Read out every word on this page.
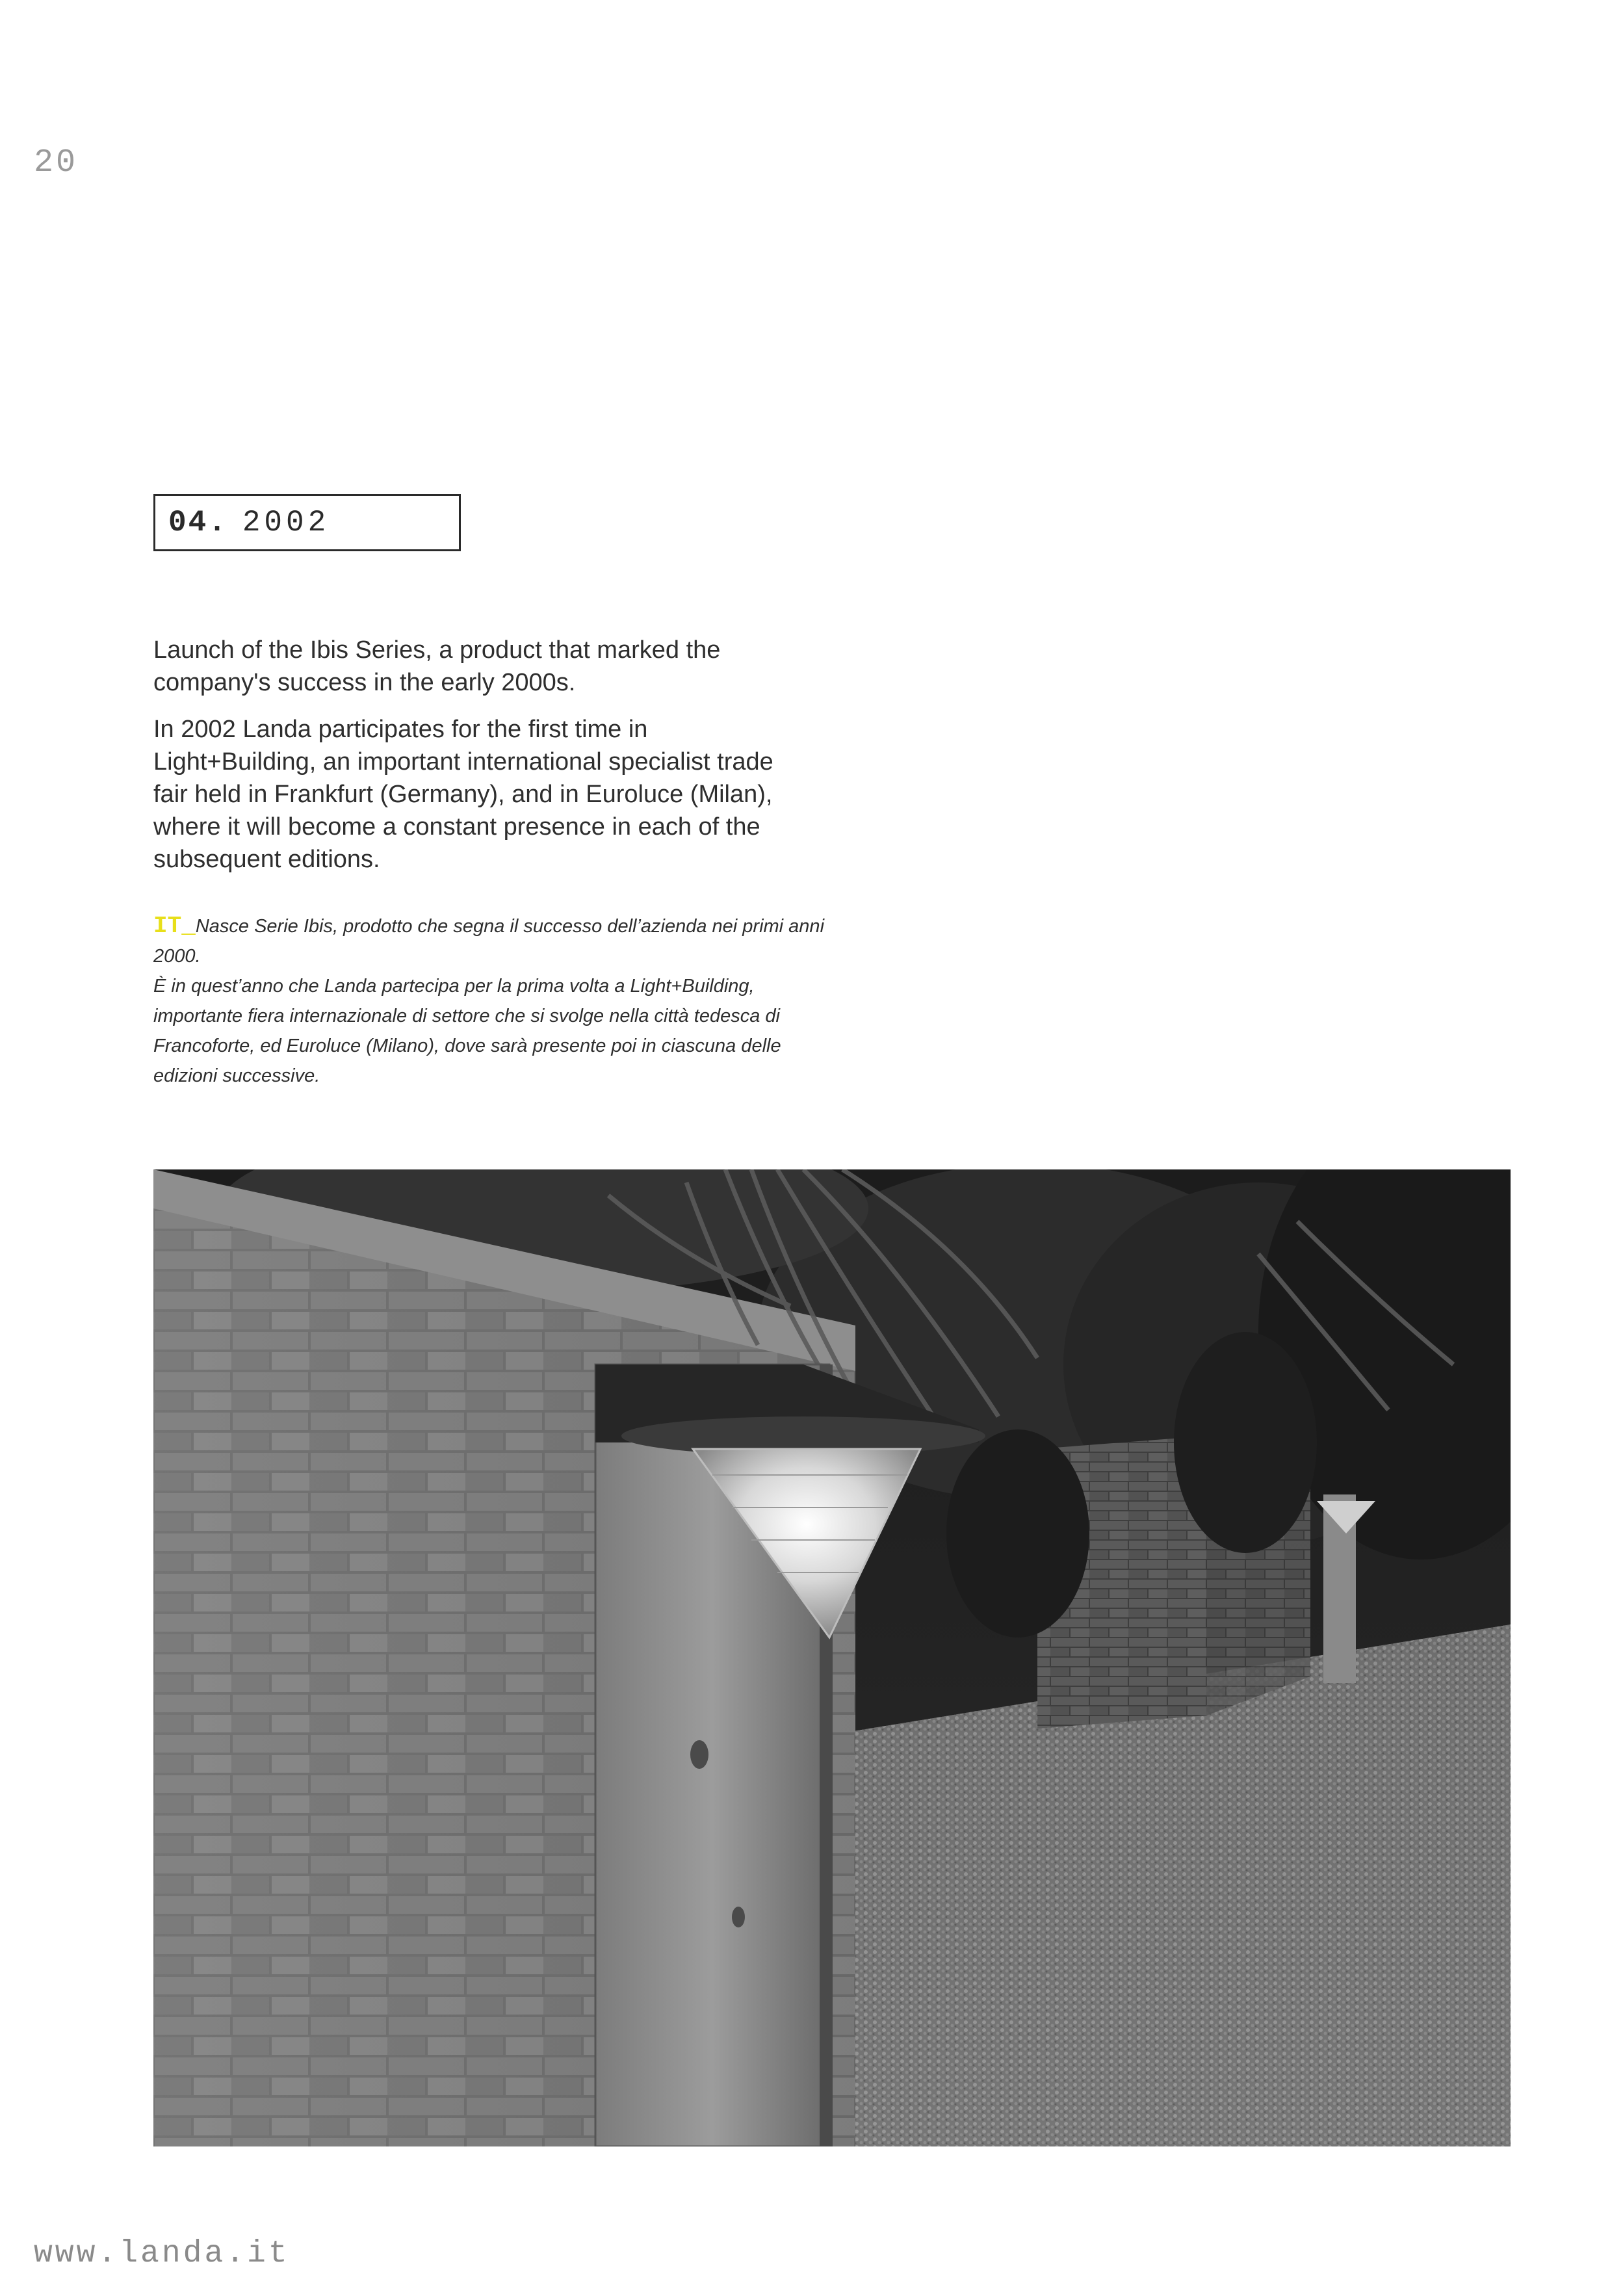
20
04. 2002

Launch of the Ibis Series, a product that marked the company's success in the early 2000s.

In 2002 Landa participates for the first time in Light+Building, an important international specialist trade fair held in Frankfurt (Germany), and in Euroluce (Milan), where it will become a constant presence in each of the subsequent editions.

IT_Nasce Serie Ibis, prodotto che segna il successo dell’azienda nei primi anni 2000.

È in quest’anno che Landa partecipa per la prima volta a Light+Building, importante fiera internazionale di settore che si svolge nella città tedesca di Francoforte, ed Euroluce (Milano), dove sarà presente poi in ciascuna delle edizioni successive.

www.landa.it
